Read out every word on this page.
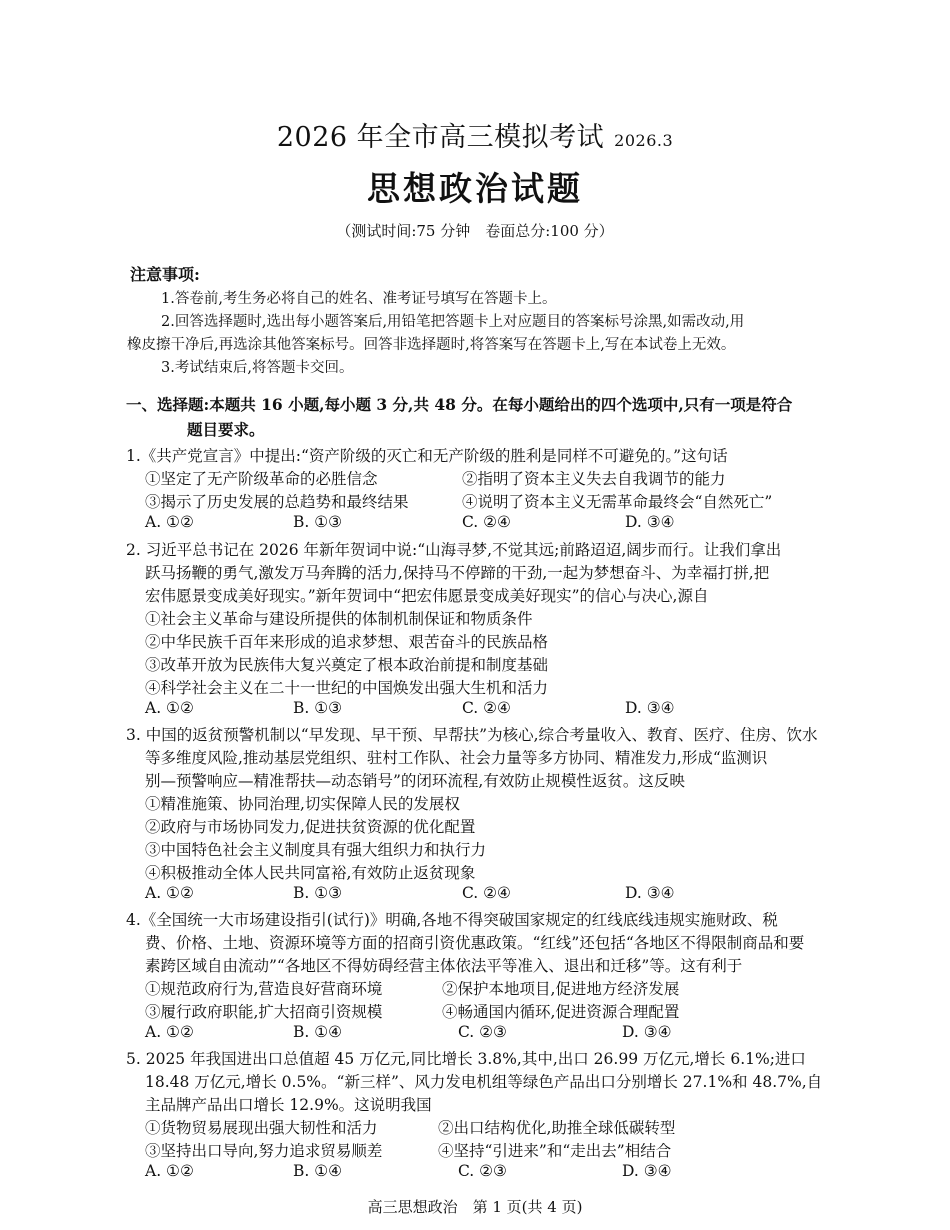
2026 年全市高三模拟考试 2026.3
思想政治试题
（测试时间:75 分钟　卷面总分:100 分）
注意事项:
1.答卷前,考生务必将自己的姓名、准考证号填写在答题卡上。
2.回答选择题时,选出每小题答案后,用铅笔把答题卡上对应题目的答案标号涂黑,如需改动,用
橡皮擦干净后,再选涂其他答案标号。回答非选择题时,将答案写在答题卡上,写在本试卷上无效。
3.考试结束后,将答题卡交回。
一、选择题:本题共 16 小题,每小题 3 分,共 48 分。在每小题给出的四个选项中,只有一项是符合
题目要求。
1.《共产党宣言》中提出:“资产阶级的灭亡和无产阶级的胜利是同样不可避免的。”这句话
①坚定了无产阶级革命的必胜信念	②指明了资本主义失去自我调节的能力
③揭示了历史发展的总趋势和最终结果	④说明了资本主义无需革命最终会“自然死亡”
A. ①②	B. ①③	C. ②④	D. ③④
2. 习近平总书记在 2026 年新年贺词中说:“山海寻梦,不觉其远;前路迢迢,阔步而行。让我们拿出
跃马扬鞭的勇气,激发万马奔腾的活力,保持马不停蹄的干劲,一起为梦想奋斗、为幸福打拼,把
宏伟愿景变成美好现实。”新年贺词中“把宏伟愿景变成美好现实”的信心与决心,源自
①社会主义革命与建设所提供的体制机制保证和物质条件
②中华民族千百年来形成的追求梦想、艰苦奋斗的民族品格
③改革开放为民族伟大复兴奠定了根本政治前提和制度基础
④科学社会主义在二十一世纪的中国焕发出强大生机和活力
A. ①②	B. ①③	C. ②④	D. ③④
3. 中国的返贫预警机制以“早发现、早干预、早帮扶”为核心,综合考量收入、教育、医疗、住房、饮水
等多维度风险,推动基层党组织、驻村工作队、社会力量等多方协同、精准发力,形成“监测识
别—预警响应—精准帮扶—动态销号”的闭环流程,有效防止规模性返贫。这反映
①精准施策、协同治理,切实保障人民的发展权
②政府与市场协同发力,促进扶贫资源的优化配置
③中国特色社会主义制度具有强大组织力和执行力
④积极推动全体人民共同富裕,有效防止返贫现象
A. ①②	B. ①③	C. ②④	D. ③④
4.《全国统一大市场建设指引(试行)》明确,各地不得突破国家规定的红线底线违规实施财政、税
费、价格、土地、资源环境等方面的招商引资优惠政策。“红线”还包括“各地区不得限制商品和要
素跨区域自由流动”“各地区不得妨碍经营主体依法平等准入、退出和迁移”等。这有利于
①规范政府行为,营造良好营商环境	②保护本地项目,促进地方经济发展
③履行政府职能,扩大招商引资规模	④畅通国内循环,促进资源合理配置
A. ①②	B. ①④	C. ②③	D. ③④
5. 2025 年我国进出口总值超 45 万亿元,同比增长 3.8%,其中,出口 26.99 万亿元,增长 6.1%;进口
18.48 万亿元,增长 0.5%。“新三样”、风力发电机组等绿色产品出口分别增长 27.1%和 48.7%,自
主品牌产品出口增长 12.9%。这说明我国
①货物贸易展现出强大韧性和活力	②出口结构优化,助推全球低碳转型
③坚持出口导向,努力追求贸易顺差	④坚持“引进来”和“走出去”相结合
A. ①②	B. ①④	C. ②③	D. ③④
高三思想政治　第 1 页(共 4 页)
